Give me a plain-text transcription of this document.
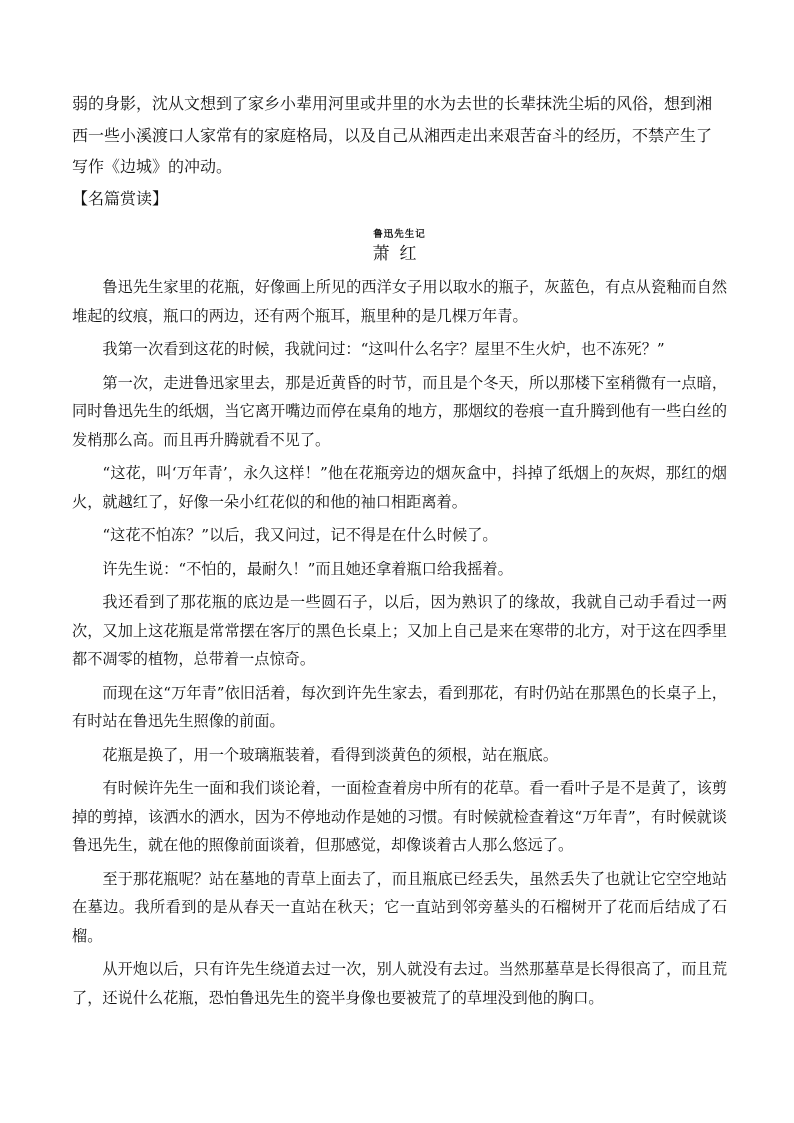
弱的身影，沈从文想到了家乡小辈用河里或井里的水为去世的长辈抹洗尘垢的风俗，想到湘西一些小溪渡口人家常有的家庭格局，以及自己从湘西走出来艰苦奋斗的经历，不禁产生了写作《边城》的冲动。

【名篇赏读】

鲁迅先生记
萧红

鲁迅先生家里的花瓶，好像画上所见的西洋女子用以取水的瓶子，灰蓝色，有点从瓷釉而自然堆起的纹痕，瓶口的两边，还有两个瓶耳，瓶里种的是几棵万年青。

我第一次看到这花的时候，我就问过：“这叫什么名字？屋里不生火炉，也不冻死？”

第一次，走进鲁迅家里去，那是近黄昏的时节，而且是个冬天，所以那楼下室稍微有一点暗，同时鲁迅先生的纸烟，当它离开嘴边而停在桌角的地方，那烟纹的卷痕一直升腾到他有一些白丝的发梢那么高。而且再升腾就看不见了。

“这花，叫‘万年青’，永久这样！”他在花瓶旁边的烟灰盒中，抖掉了纸烟上的灰烬，那红的烟火，就越红了，好像一朵小红花似的和他的袖口相距离着。

“这花不怕冻？”以后，我又问过，记不得是在什么时候了。

许先生说：“不怕的，最耐久！”而且她还拿着瓶口给我摇着。

我还看到了那花瓶的底边是一些圆石子，以后，因为熟识了的缘故，我就自己动手看过一两次，又加上这花瓶是常常摆在客厅的黑色长桌上；又加上自己是来在寒带的北方，对于这在四季里都不凋零的植物，总带着一点惊奇。

而现在这“万年青”依旧活着，每次到许先生家去，看到那花，有时仍站在那黑色的长桌子上，有时站在鲁迅先生照像的前面。

花瓶是换了，用一个玻璃瓶装着，看得到淡黄色的须根，站在瓶底。

有时候许先生一面和我们谈论着，一面检查着房中所有的花草。看一看叶子是不是黄了，该剪掉的剪掉，该洒水的洒水，因为不停地动作是她的习惯。有时候就检查着这“万年青”，有时候就谈鲁迅先生，就在他的照像前面谈着，但那感觉，却像谈着古人那么悠远了。

至于那花瓶呢？站在墓地的青草上面去了，而且瓶底已经丢失，虽然丢失了也就让它空空地站在墓边。我所看到的是从春天一直站在秋天；它一直站到邻旁墓头的石榴树开了花而后结成了石榴。

从开炮以后，只有许先生绕道去过一次，别人就没有去过。当然那墓草是长得很高了，而且荒了，还说什么花瓶，恐怕鲁迅先生的瓷半身像也要被荒了的草埋没到他的胸口。
